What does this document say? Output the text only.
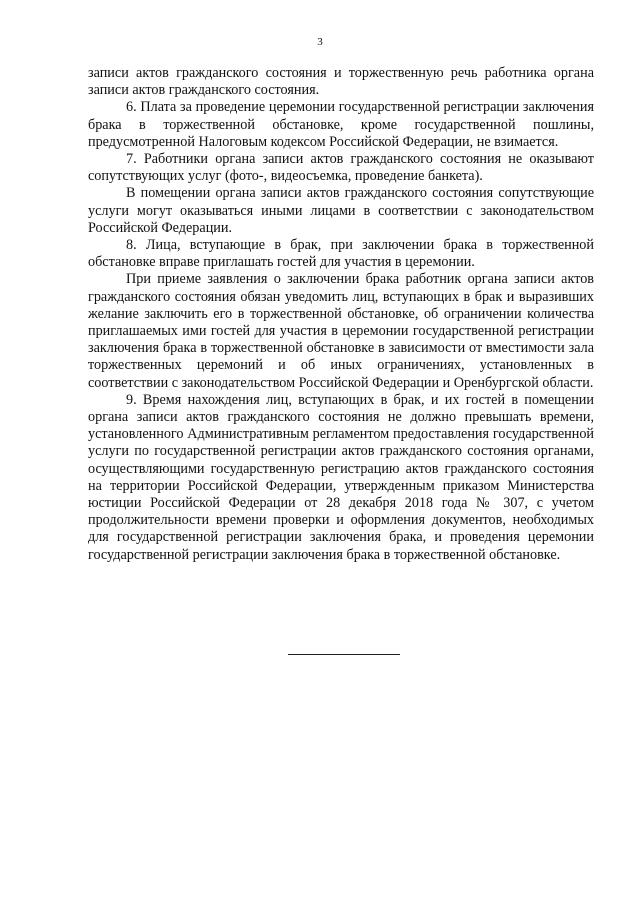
3

записи актов гражданского состояния и торжественную речь работника органа записи актов гражданского состояния.

6. Плата за проведение церемонии государственной регистрации заключения брака в торжественной обстановке, кроме государственной пошлины, предусмотренной Налоговым кодексом Российской Федерации, не взимается.

7. Работники органа записи актов гражданского состояния не оказывают сопутствующих услуг (фото-, видеосъемка, проведение банкета).

В помещении органа записи актов гражданского состояния сопутствующие услуги могут оказываться иными лицами в соответствии с законодательством Российской Федерации.

8. Лица, вступающие в брак, при заключении брака в торжественной обстановке вправе приглашать гостей для участия в церемонии.

При приеме заявления о заключении брака работник органа записи актов гражданского состояния обязан уведомить лиц, вступающих в брак и выразивших желание заключить его в торжественной обстановке, об ограничении количества приглашаемых ими гостей для участия в церемонии государственной регистрации заключения брака в торжественной обстановке в зависимости от вместимости зала торжественных церемоний и об иных ограничениях, установленных в соответствии с законодательством Российской Федерации и Оренбургской области.

9. Время нахождения лиц, вступающих в брак, и их гостей в помещении органа записи актов гражданского состояния не должно превышать времени, установленного Административным регламентом предоставления государственной услуги по государственной регистрации актов гражданского состояния органами, осуществляющими государственную регистрацию актов гражданского состояния на территории Российской Федерации, утвержденным приказом Министерства юстиции Российской Федерации от 28 декабря 2018 года № 307, с учетом продолжительности времени проверки и оформления документов, необходимых для государственной регистрации заключения брака, и проведения церемонии государственной регистрации заключения брака в торжественной обстановке.
